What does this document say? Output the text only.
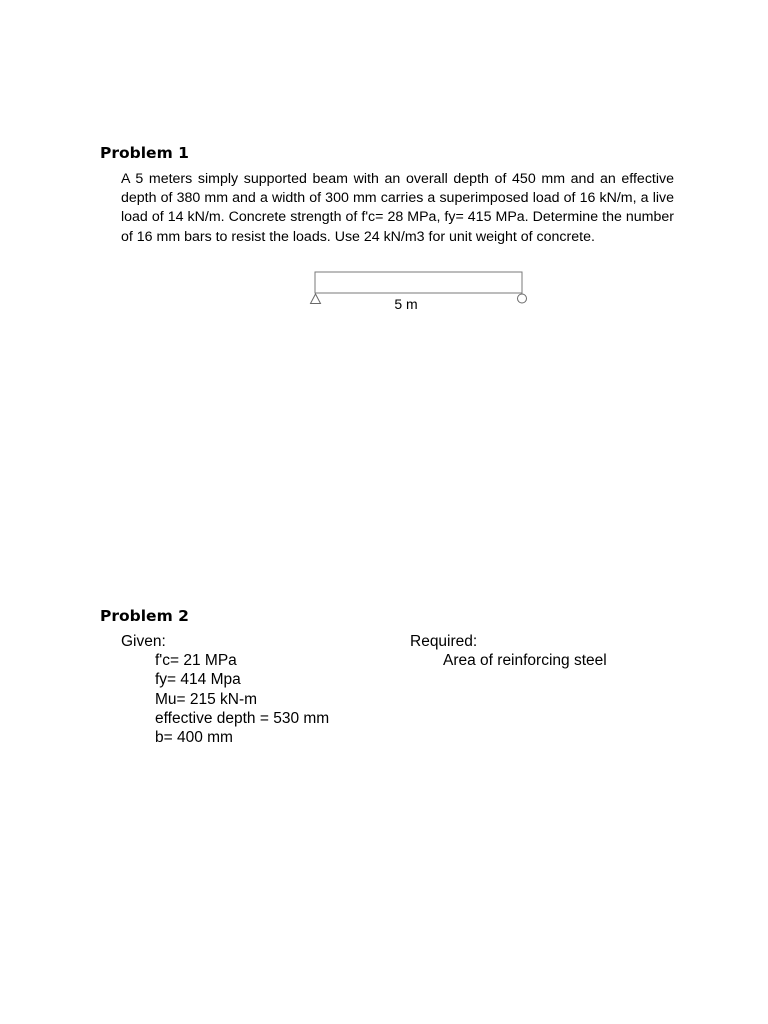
Problem 1

A 5 meters simply supported beam with an overall depth of 450 mm and an effective depth of 380 mm and a width of 300 mm carries a superimposed load of 16 kN/m, a live load of 14 kN/m. Concrete strength of f'c= 28 MPa, fy= 415 MPa. Determine the number of 16 mm bars to resist the loads. Use 24 kN/m3 for unit weight of concrete.

5 m
Problem 2
Given:
f'c= 21 MPa
fy= 414 Mpa
Mu= 215 kN-m
effective depth = 530 mm
b= 400 mm
Required:
Area of reinforcing steel
